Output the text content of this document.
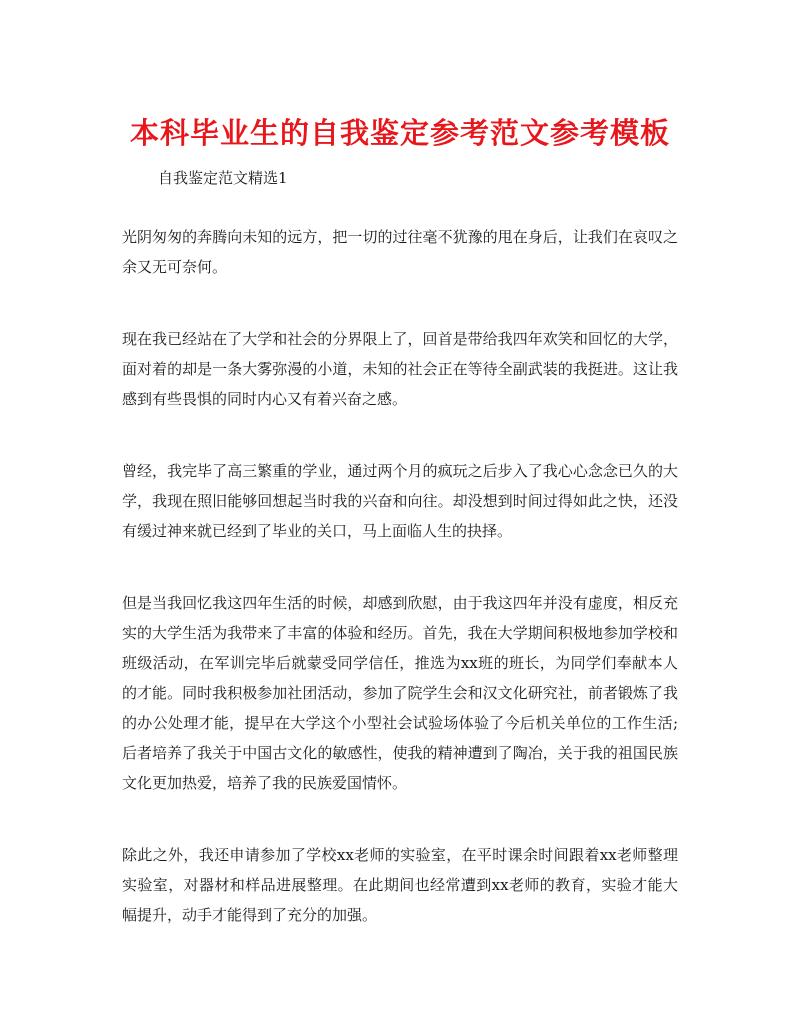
本科毕业生的自我鉴定参考范文参考模板
自我鉴定范文精选1

光阴匆匆的奔腾向未知的远方，把一切的过往毫不犹豫的甩在身后，让我们在哀叹之余又无可奈何。

现在我已经站在了大学和社会的分界限上了，回首是带给我四年欢笑和回忆的大学，面对着的却是一条大雾弥漫的小道，未知的社会正在等待全副武装的我挺进。这让我感到有些畏惧的同时内心又有着兴奋之感。

曾经，我完毕了高三繁重的学业，通过两个月的疯玩之后步入了我心心念念已久的大学，我现在照旧能够回想起当时我的兴奋和向往。却没想到时间过得如此之快，还没有缓过神来就已经到了毕业的关口，马上面临人生的抉择。

但是当我回忆我这四年生活的时候，却感到欣慰，由于我这四年并没有虚度，相反充实的大学生活为我带来了丰富的体验和经历。首先，我在大学期间积极地参加学校和班级活动，在军训完毕后就蒙受同学信任，推选为xx班的班长，为同学们奉献本人的才能。同时我积极参加社团活动，参加了院学生会和汉文化研究社，前者锻炼了我的办公处理才能，提早在大学这个小型社会试验场体验了今后机关单位的工作生活;后者培养了我关于中国古文化的敏感性，使我的精神遭到了陶冶，关于我的祖国民族文化更加热爱，培养了我的民族爱国情怀。

除此之外，我还申请参加了学校xx老师的实验室，在平时课余时间跟着xx老师整理实验室，对器材和样品进展整理。在此期间也经常遭到xx老师的教育，实验才能大幅提升，动手才能得到了充分的加强。
